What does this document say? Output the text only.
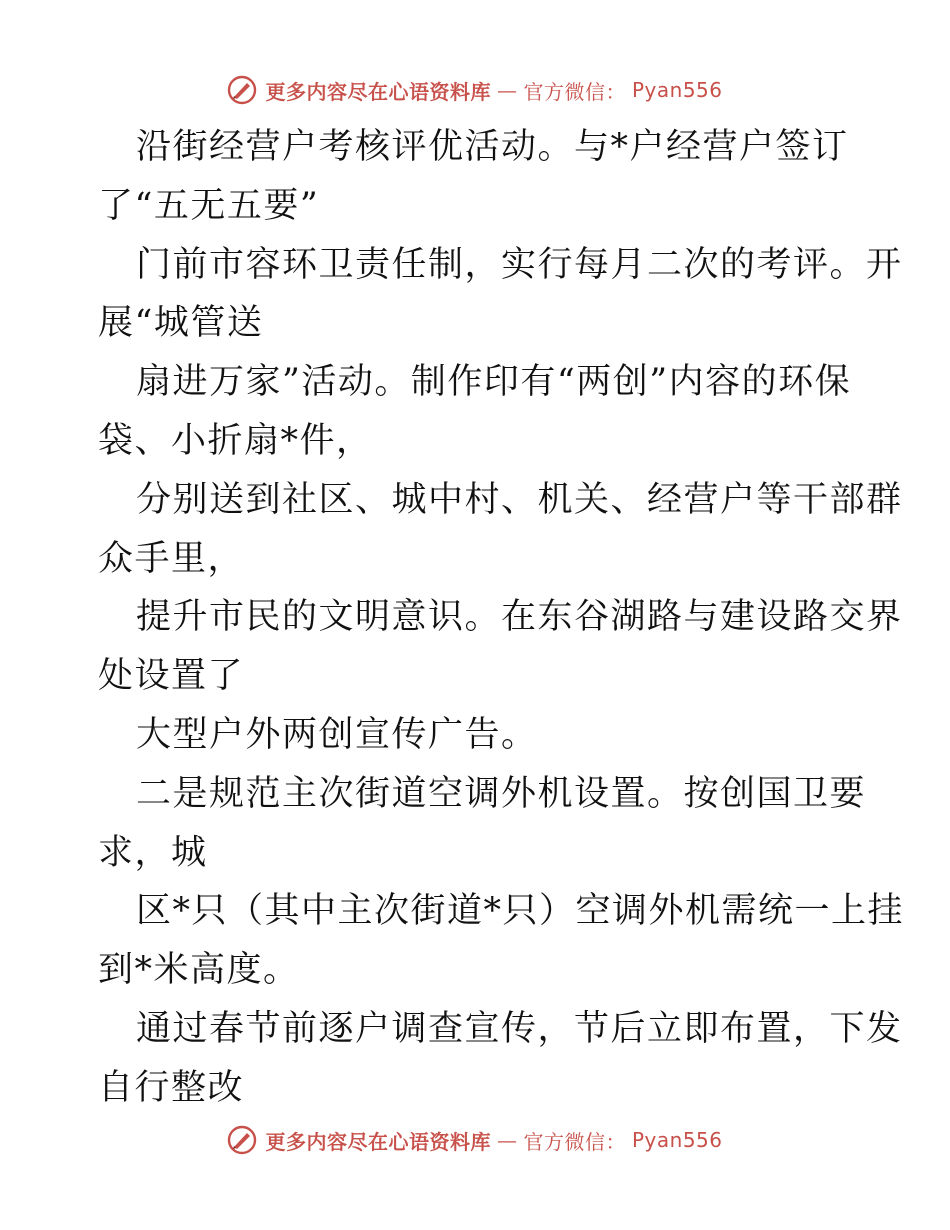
更多内容尽在心语资料库 — 官方微信： Pyan556
沿街经营户考核评优活动。与*户经营户签订
了“五无五要”
门前市容环卫责任制，实行每月二次的考评。开
展“城管送
扇进万家”活动。制作印有“两创”内容的环保
袋、小折扇*件，
分别送到社区、城中村、机关、经营户等干部群
众手里，
提升市民的文明意识。在东谷湖路与建设路交界
处设置了
大型户外两创宣传广告。
二是规范主次街道空调外机设置。按创国卫要
求，城
区*只（其中主次街道*只）空调外机需统一上挂
到*米高度。
通过春节前逐户调查宣传，节后立即布置，下发
自行整改
更多内容尽在心语资料库 — 官方微信： Pyan556
